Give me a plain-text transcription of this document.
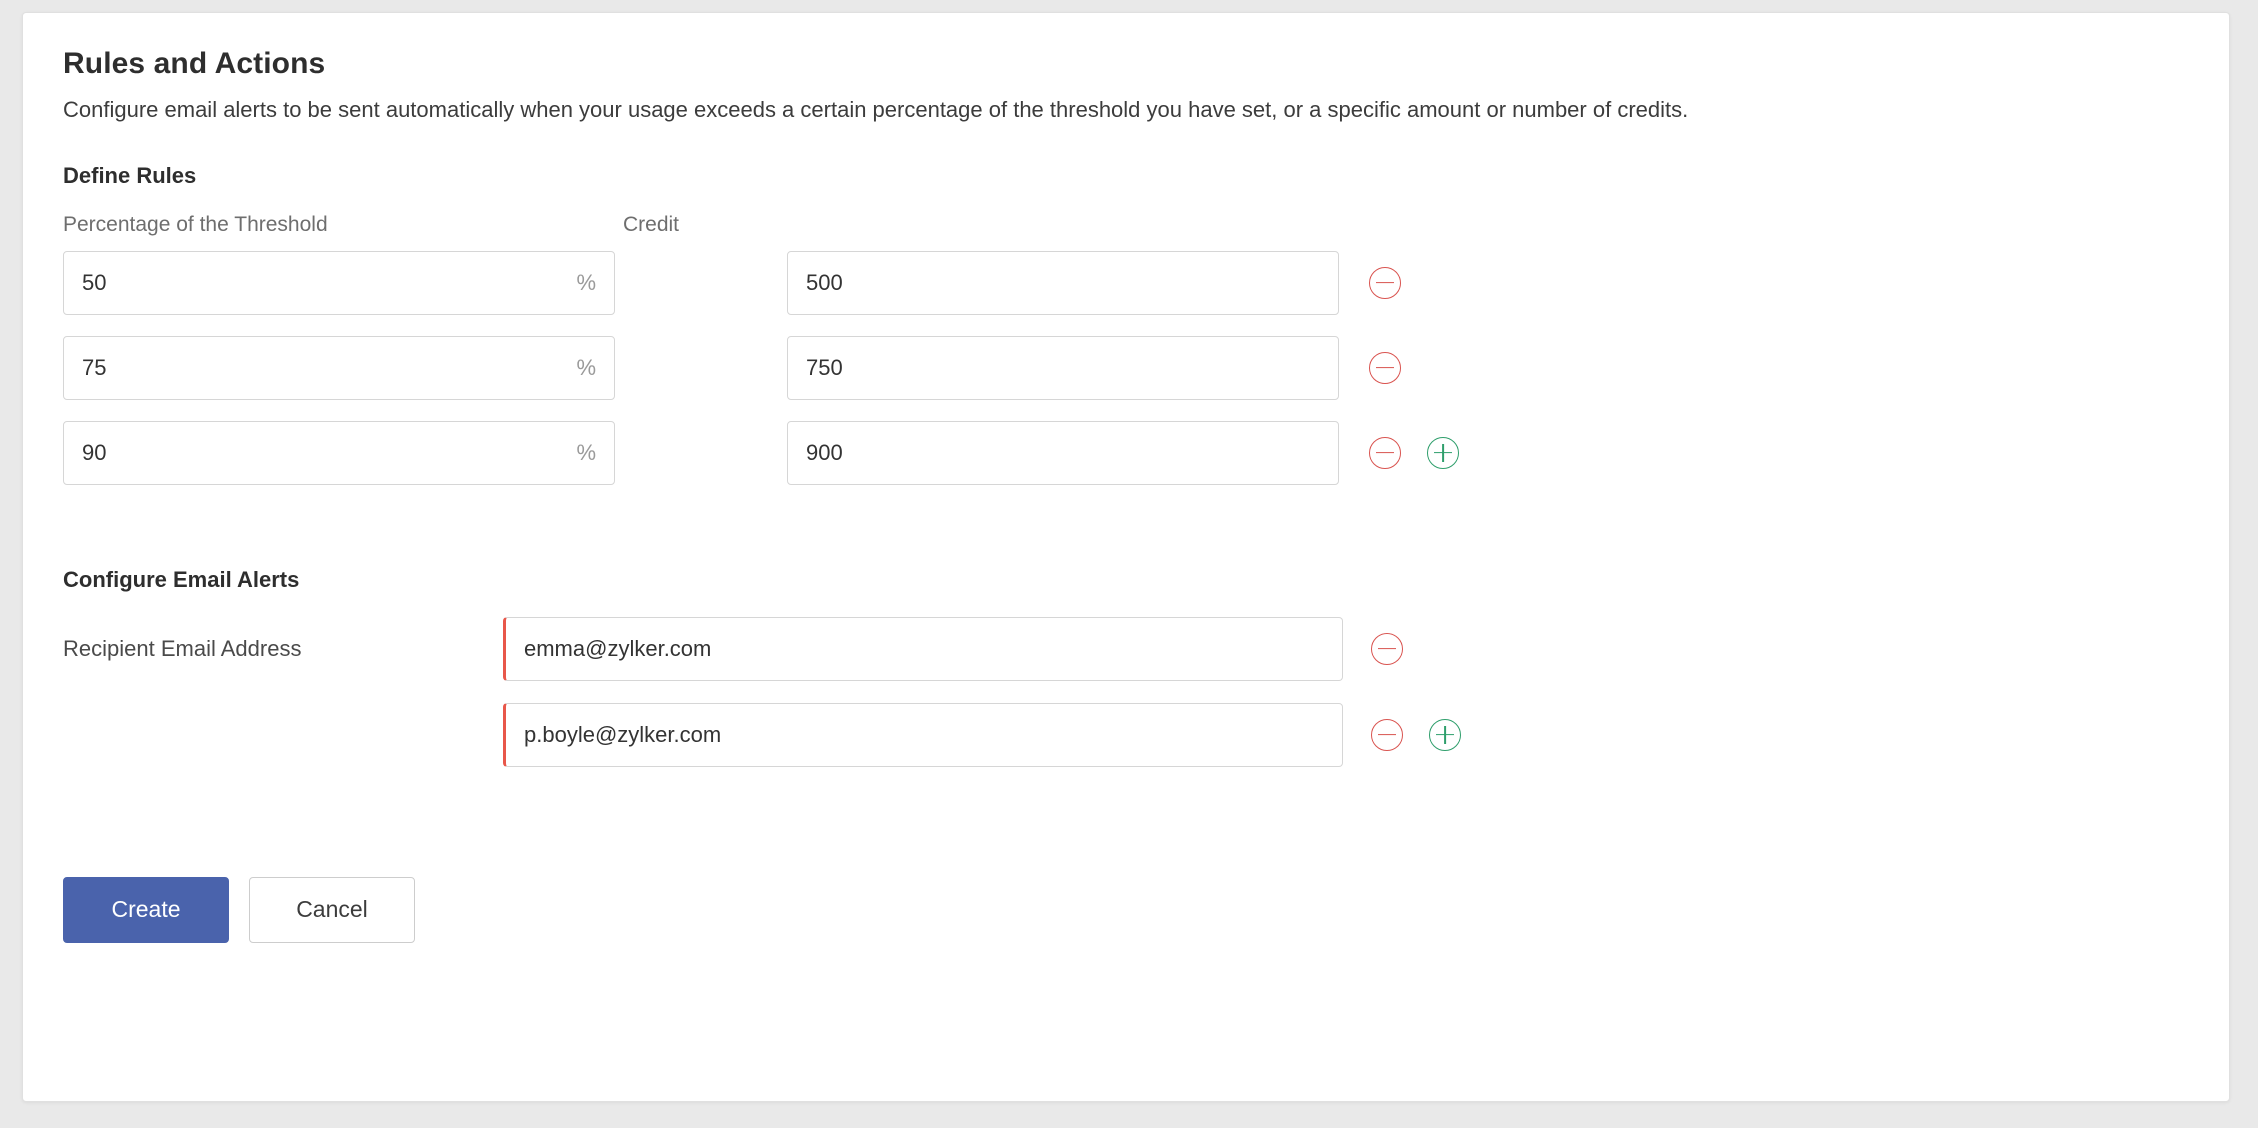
Rules and Actions

Configure email alerts to be sent automatically when your usage exceeds a certain percentage of the threshold you have set, or a specific amount or number of credits.

Define Rules
Percentage of the Threshold	Credit
50
%
500
75
%
750
90
%
900
Configure Email Alerts
Recipient Email Address
emma@zylker.com
p.boyle@zylker.com
Create	Cancel
